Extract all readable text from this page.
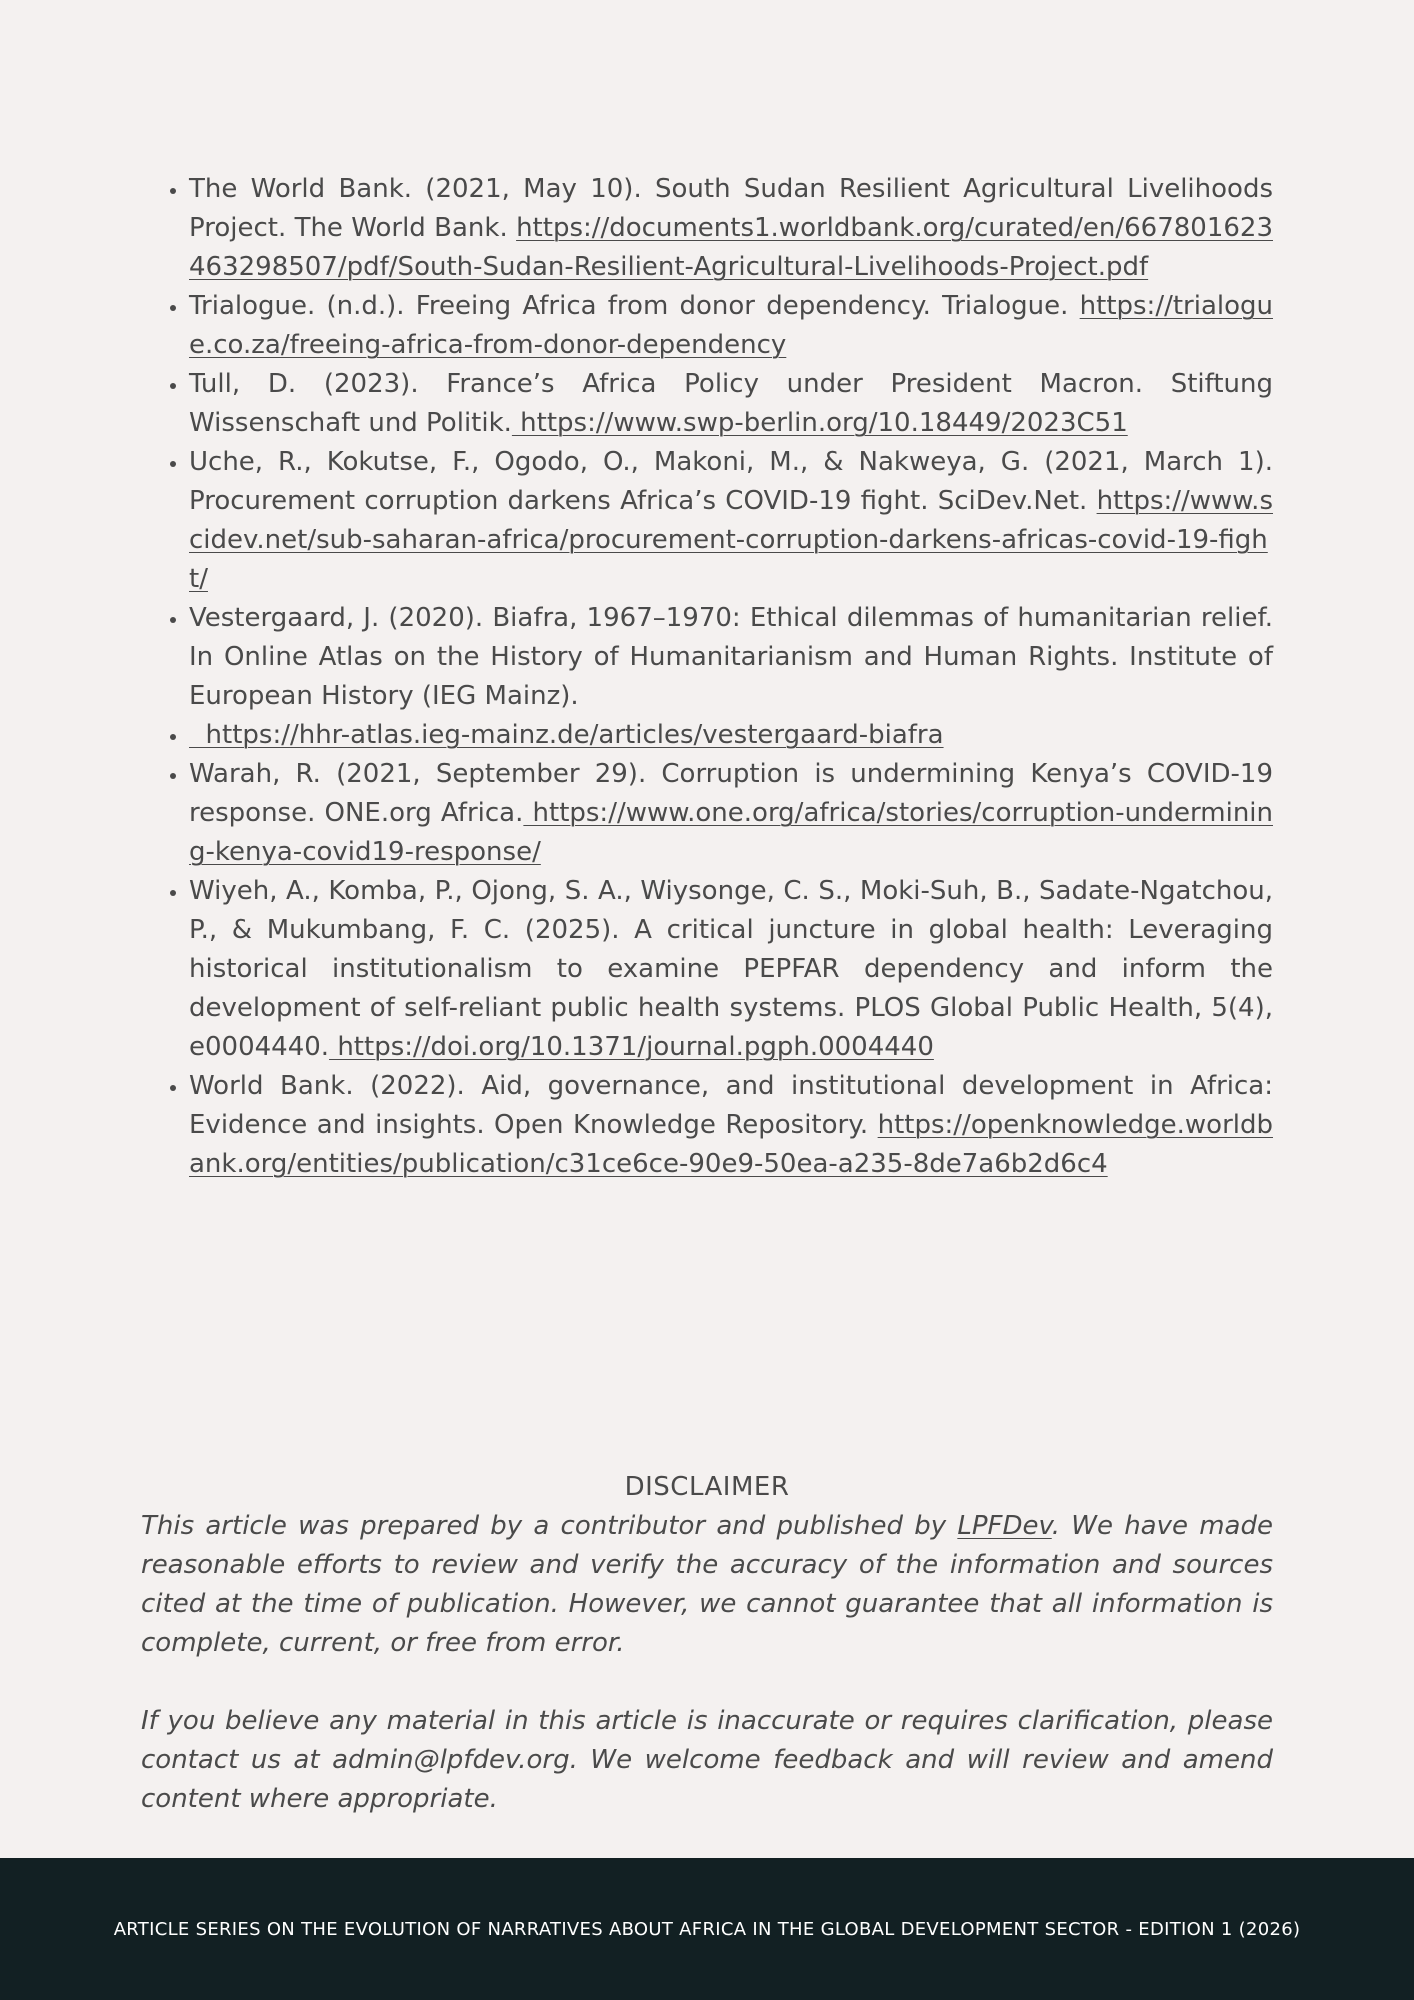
• The World Bank. (2021, May 10). South Sudan Resilient Agricultural Livelihoods Project. The World Bank. https://documents1.worldbank.org/curated/en/667801623463298507/pdf/South-Sudan-Resilient-Agricultural-Livelihoods-Project.pdf
• Trialogue. (n.d.). Freeing Africa from donor dependency. Trialogue. https://trialogue.co.za/freeing-africa-from-donor-dependency
• Tull, D. (2023). France’s Africa Policy under President Macron. Stiftung Wissenschaft und Politik. https://www.swp-berlin.org/10.18449/2023C51
• Uche, R., Kokutse, F., Ogodo, O., Makoni, M., & Nakweya, G. (2021, March 1). Procurement corruption darkens Africa’s COVID-19 fight. SciDev.Net. https://www.scidev.net/sub-saharan-africa/procurement-corruption-darkens-africas-covid-19-fight/
• Vestergaard, J. (2020). Biafra, 1967–1970: Ethical dilemmas of humanitarian relief. In Online Atlas on the History of Humanitarianism and Human Rights. Institute of European History (IEG Mainz).
•   https://hhr-atlas.ieg-mainz.de/articles/vestergaard-biafra
• Warah, R. (2021, September 29). Corruption is undermining Kenya’s COVID-19 response. ONE.org Africa. https://www.one.org/africa/stories/corruption-undermining-kenya-covid19-response/
• Wiyeh, A., Komba, P., Ojong, S. A., Wiysonge, C. S., Moki-Suh, B., Sadate-Ngatchou, P., & Mukumbang, F. C. (2025). A critical juncture in global health: Leveraging historical institutionalism to examine PEPFAR dependency and inform the development of self-reliant public health systems. PLOS Global Public Health, 5(4), e0004440. https://doi.org/10.1371/journal.pgph.0004440
• World Bank. (2022). Aid, governance, and institutional development in Africa: Evidence and insights. Open Knowledge Repository. https://openknowledge.worldbank.org/entities/publication/c31ce6ce-90e9-50ea-a235-8de7a6b2d6c4
DISCLAIMER

This article was prepared by a contributor and published by LPFDev. We have made reasonable efforts to review and verify the accuracy of the information and sources cited at the time of publication. However, we cannot guarantee that all information is complete, current, or free from error.

If you believe any material in this article is inaccurate or requires clarification, please contact us at admin@lpfdev.org. We welcome feedback and will review and amend content where appropriate.

ARTICLE SERIES ON THE EVOLUTION OF NARRATIVES ABOUT AFRICA IN THE GLOBAL DEVELOPMENT SECTOR - EDITION 1 (2026)
